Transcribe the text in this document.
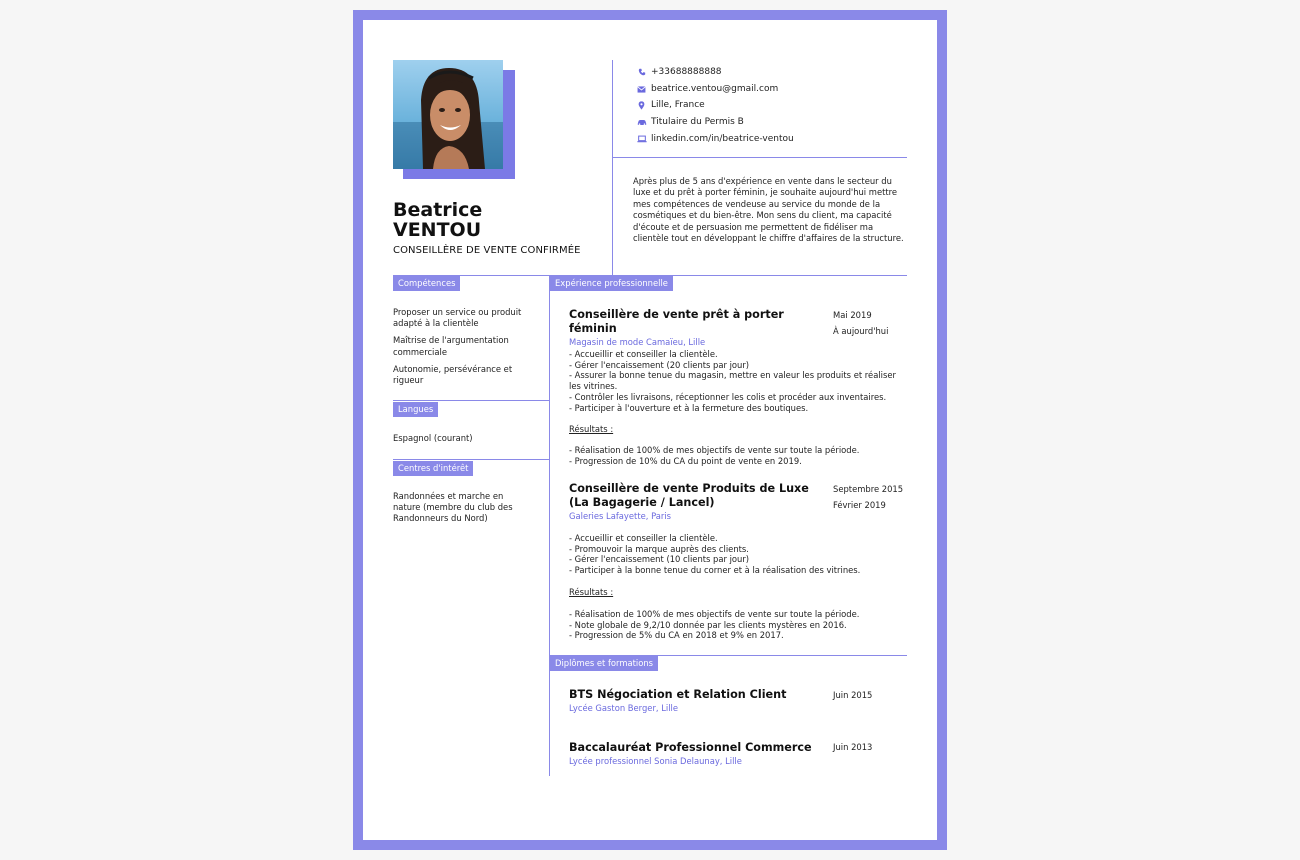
Beatrice
VENTOU
CONSEILLÈRE DE VENTE CONFIRMÉE
+33688888888
beatrice.ventou@gmail.com
Lille, France
Titulaire du Permis B
linkedin.com/in/beatrice-ventou
Après plus de 5 ans d'expérience en vente dans le secteur du luxe et du prêt à porter féminin, je souhaite aujourd'hui mettre mes compétences de vendeuse au service du monde de la cosmétiques et du bien-être. Mon sens du client, ma capacité d'écoute et de persuasion me permettent de fidéliser ma clientèle tout en développant le chiffre d'affaires de la structure.
Compétences
Proposer un service ou produit adapté à la clientèle
Maîtrise de l'argumentation commerciale
Autonomie, persévérance et rigueur
Langues
Espagnol (courant)
Centres d'intérêt
Randonnées et marche en nature (membre du club des Randonneurs du Nord)
Expérience professionnelle
Conseillère de vente prêt à porter féminin
Magasin de mode Camaïeu, Lille
Mai 2019
À aujourd'hui
- Accueillir et conseiller la clientèle.
- Gérer l'encaissement (20 clients par jour)
- Assurer la bonne tenue du magasin, mettre en valeur les produits et réaliser les vitrines.
- Contrôler les livraisons, réceptionner les colis et procéder aux inventaires.
- Participer à l'ouverture et à la fermeture des boutiques.
Résultats :
- Réalisation de 100% de mes objectifs de vente sur toute la période.
- Progression de 10% du CA du point de vente en 2019.
Conseillère de vente Produits de Luxe (La Bagagerie / Lancel)
Galeries Lafayette, Paris
Septembre 2015
Février 2019
- Accueillir et conseiller la clientèle.
- Promouvoir la marque auprès des clients.
- Gérer l'encaissement (10 clients par jour)
- Participer à la bonne tenue du corner et à la réalisation des vitrines.
Résultats :
- Réalisation de 100% de mes objectifs de vente sur toute la période.
- Note globale de 9,2/10 donnée par les clients mystères en 2016.
- Progression de 5% du CA en 2018 et 9% en 2017.
Diplômes et formations
BTS Négociation et Relation Client
Lycée Gaston Berger, Lille
Juin 2015
Baccalauréat Professionnel Commerce
Lycée professionnel Sonia Delaunay, Lille
Juin 2013
